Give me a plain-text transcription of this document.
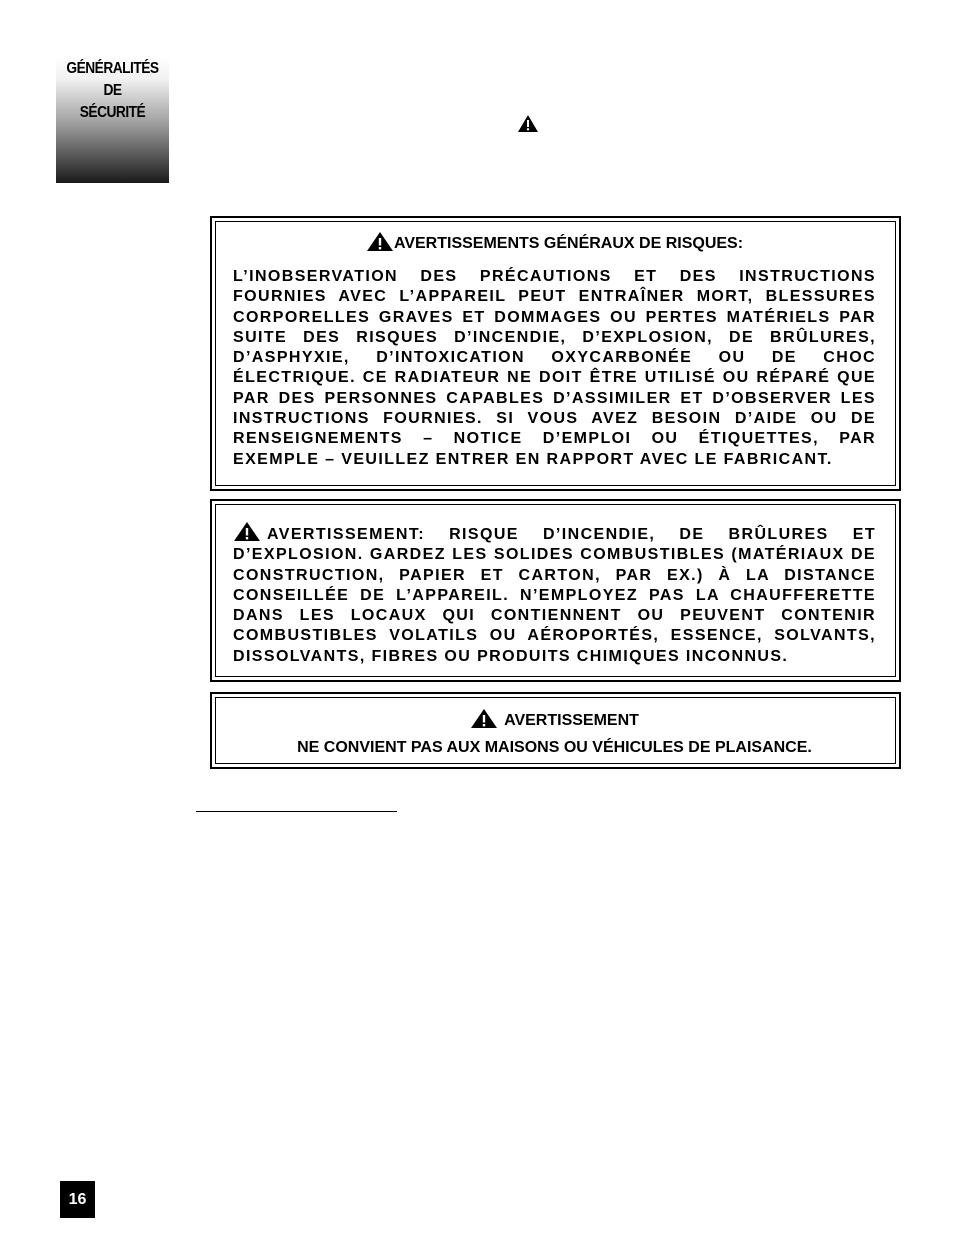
GÉNÉRALITÉS
DE
SÉCURITÉ
AVERTISSEMENTS GÉNÉRAUX DE RISQUES:

L’INOBSERVATION DES PRÉCAUTIONS ET DES INSTRUCTIONS FOURNIES AVEC L’APPAREIL PEUT ENTRAÎNER MORT, BLESSURES CORPORELLES GRAVES ET DOMMAGES OU PERTES MATÉRIELS PAR SUITE DES RISQUES D’INCENDIE, D’EXPLOSION, DE BRÛLURES, D’ASPHYXIE, D’INTOXICATION OXYCARBONÉE OU DE CHOC ÉLECTRIQUE. CE RADIATEUR NE DOIT ÊTRE UTILISÉ OU RÉPARÉ QUE PAR DES PERSONNES CAPABLES D’ASSIMILER ET D’OBSERVER LES INSTRUCTIONS FOURNIES. SI VOUS AVEZ BESOIN D’AIDE OU DE RENSEIGNEMENTS – NOTICE D’EMPLOI OU ÉTIQUETTES, PAR EXEMPLE – VEUILLEZ ENTRER EN RAPPORT AVEC LE FABRICANT.

AVERTISSEMENT: RISQUE D’INCENDIE, DE BRÛLURES ET D’EXPLOSION. GARDEZ LES SOLIDES COMBUSTIBLES (MATÉRIAUX DE CONSTRUCTION, PAPIER ET CARTON, PAR EX.) À LA DISTANCE CONSEILLÉE DE L’APPAREIL. N’EMPLOYEZ PAS LA CHAUFFERETTE DANS LES LOCAUX QUI CONTIENNENT OU PEUVENT CONTENIR COMBUSTIBLES VOLATILS OU AÉROPORTÉS, ESSENCE, SOLVANTS, DISSOLVANTS, FIBRES OU PRODUITS CHIMIQUES INCONNUS.

AVERTISSEMENT
NE CONVIENT PAS AUX MAISONS OU VÉHICULES DE PLAISANCE.
16
